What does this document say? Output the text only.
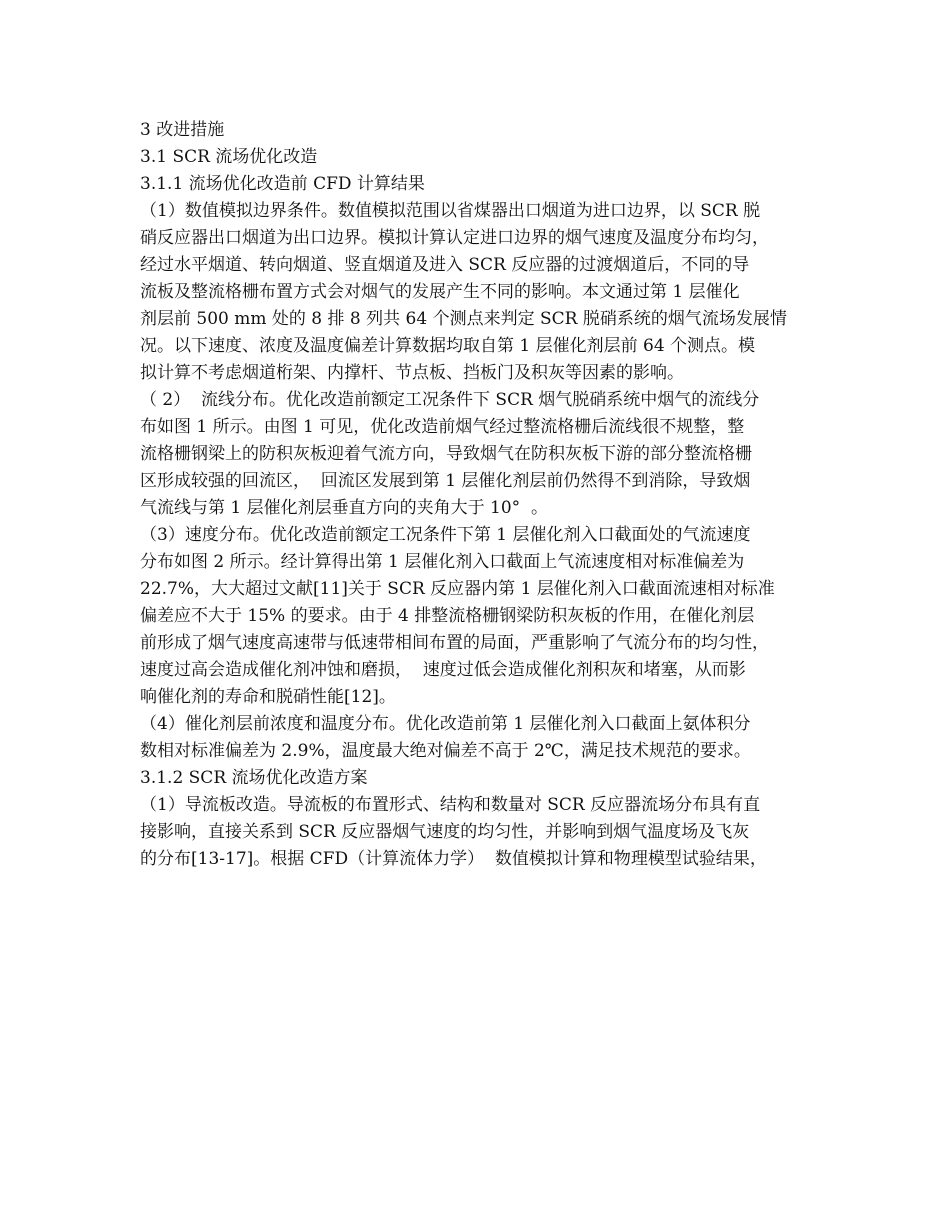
3 改进措施
3.1 SCR 流场优化改造
3.1.1 流场优化改造前 CFD 计算结果
（1）数值模拟边界条件。数值模拟范围以省煤器出口烟道为进口边界，以 SCR 脱
硝反应器出口烟道为出口边界。模拟计算认定进口边界的烟气速度及温度分布均匀，
经过水平烟道、转向烟道、竖直烟道及进入 SCR 反应器的过渡烟道后，不同的导
流板及整流格栅布置方式会对烟气的发展产生不同的影响。本文通过第 1 层催化
剂层前 500 mm 处的 8 排 8 列共 64 个测点来判定 SCR 脱硝系统的烟气流场发展情
况。以下速度、浓度及温度偏差计算数据均取自第 1 层催化剂层前 64 个测点。模
拟计算不考虑烟道桁架、内撑杆、节点板、挡板门及积灰等因素的影响。
（ 2）  流线分布。优化改造前额定工况条件下 SCR 烟气脱硝系统中烟气的流线分
布如图 1 所示。由图 1 可见，优化改造前烟气经过整流格栅后流线很不规整，整
流格栅钢梁上的防积灰板迎着气流方向，导致烟气在防积灰板下游的部分整流格栅
区形成较强的回流区，  回流区发展到第 1 层催化剂层前仍然得不到消除，导致烟
气流线与第 1 层催化剂层垂直方向的夹角大于 10°  。
（3）速度分布。优化改造前额定工况条件下第 1 层催化剂入口截面处的气流速度
分布如图 2 所示。经计算得出第 1 层催化剂入口截面上气流速度相对标准偏差为
22.7%，大大超过文献[11]关于 SCR 反应器内第 1 层催化剂入口截面流速相对标准
偏差应不大于 15% 的要求。由于 4 排整流格栅钢梁防积灰板的作用，在催化剂层
前形成了烟气速度高速带与低速带相间布置的局面，严重影响了气流分布的均匀性，
速度过高会造成催化剂冲蚀和磨损，  速度过低会造成催化剂积灰和堵塞，从而影
响催化剂的寿命和脱硝性能[12]。
（4）催化剂层前浓度和温度分布。优化改造前第 1 层催化剂入口截面上氨体积分
数相对标准偏差为 2.9%，温度最大绝对偏差不高于 2℃，满足技术规范的要求。
3.1.2 SCR 流场优化改造方案
（1）导流板改造。导流板的布置形式、结构和数量对 SCR 反应器流场分布具有直
接影响，直接关系到 SCR 反应器烟气速度的均匀性，并影响到烟气温度场及飞灰
的分布[13-17]。根据 CFD（计算流体力学）  数值模拟计算和物理模型试验结果，
